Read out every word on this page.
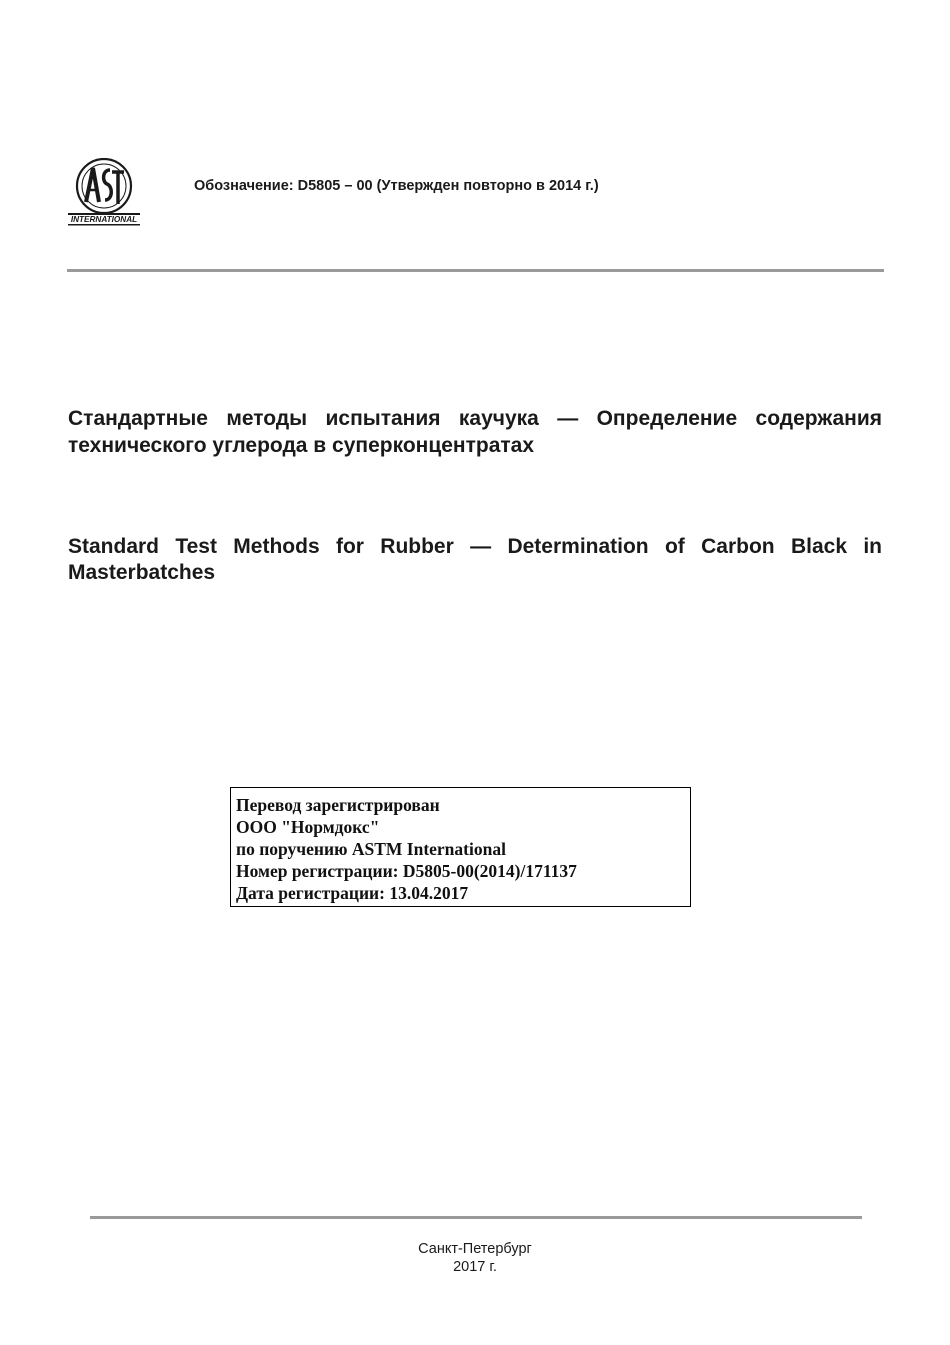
INTERNATIONAL
Обозначение: D5805 – 00 (Утвержден повторно в 2014 г.)
Стандартные методы испытания каучука — Определение содержания технического углерода в суперконцентратах
Standard Test Methods for Rubber — Determination of Carbon Black in Masterbatches
Перевод зарегистрирован
ООО "Нормдокс"
по поручению ASTM International
Номер регистрации: D5805-00(2014)/171137
Дата регистрации: 13.04.2017
Санкт-Петербург
2017 г.
